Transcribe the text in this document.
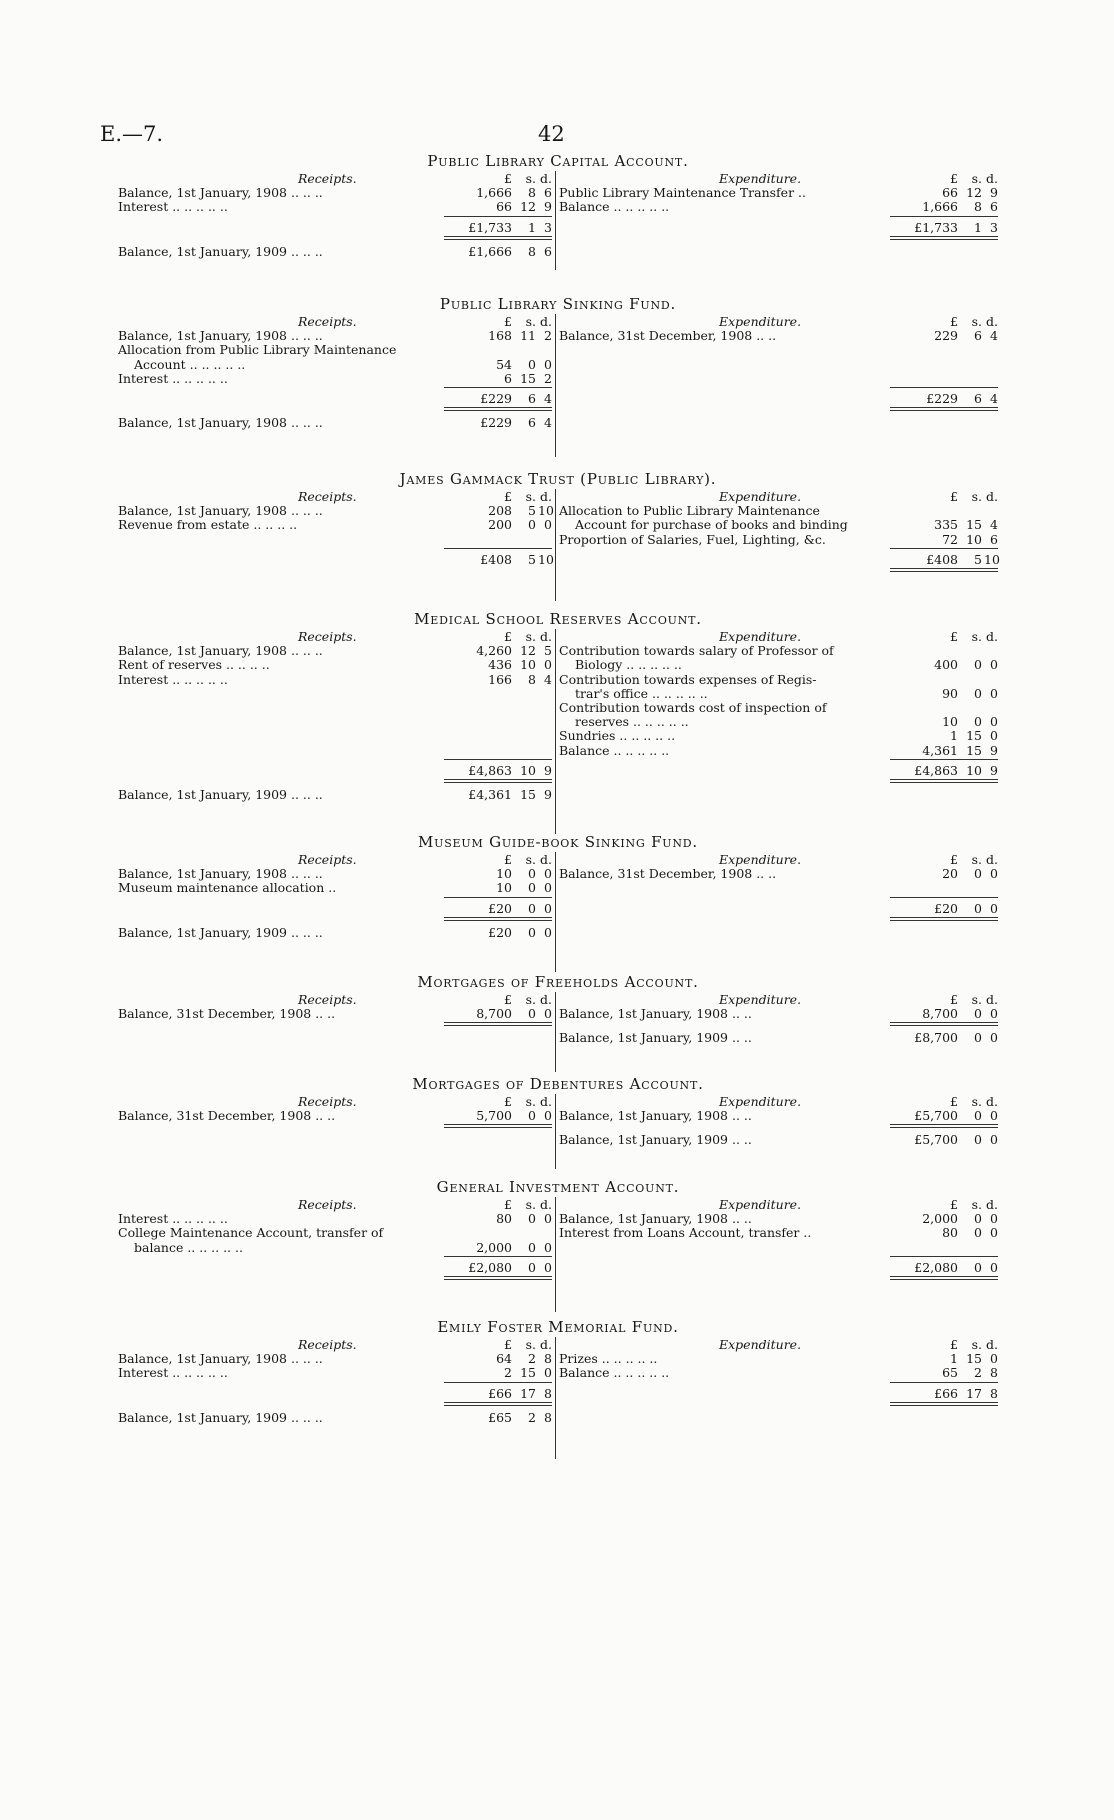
E.—7.	42
Public Library Capital Account.
Receipts.	£	s. d.
Balance, 1st January, 1908 .. .. ..	1,666	8 6
Interest .. .. .. .. ..	66 12 9
£1,733	1 3
Balance, 1st January, 1909 .. .. ..	£1,666	8 6
Expenditure.	£	s. d.
Public Library Maintenance Transfer ..	66 12 9
Balance .. .. .. .. ..	1,666	8 6
£1,733	1 3
Public Library Sinking Fund.
Receipts.	£	s. d.
Balance, 1st January, 1908 .. .. ..	168 11 2
Allocation from Public Library Maintenance
Account .. .. .. .. ..	54	0 0
Interest .. .. .. .. ..	6 15 2
£229	6 4
Balance, 1st January, 1908 .. .. ..	£229	6 4
Expenditure.	£	s. d.
Balance, 31st December, 1908 .. ..	229	6 4
£229	6 4
James Gammack Trust (Public Library).
Receipts.	£	s. d.
Balance, 1st January, 1908 .. .. ..	208	5 10
Revenue from estate .. .. .. ..	200	0 0
£408	5 10
Expenditure.	£	s. d.
Allocation to Public Library Maintenance
Account for purchase of books and binding	335 15 4
Proportion of Salaries, Fuel, Lighting, &c.	72 10 6
£408	5 10
Medical School Reserves Account.
Receipts.	£	s. d.
Balance, 1st January, 1908 .. .. ..	4,260 12 5
Rent of reserves .. .. .. ..	436 10 0
Interest .. .. .. .. ..	166	8 4
£4,863 10 9
Balance, 1st January, 1909 .. .. ..	£4,361 15 9
Expenditure.	£	s. d.
Contribution towards salary of Professor of
Biology .. .. .. .. ..	400	0 0
Contribution towards expenses of Regis-
trar's office .. .. .. .. ..	90	0 0
Contribution towards cost of inspection of
reserves .. .. .. .. ..	10	0 0
Sundries .. .. .. .. ..	1 15 0
Balance .. .. .. .. ..	4,361 15 9
£4,863 10 9
Museum Guide-book Sinking Fund.
Receipts.	£	s. d.
Balance, 1st January, 1908 .. .. ..	10	0 0
Museum maintenance allocation ..	10	0 0
£20	0 0
Balance, 1st January, 1909 .. .. ..	£20	0 0
Expenditure.	£	s. d.
Balance, 31st December, 1908 .. ..	20	0 0
£20	0 0
Mortgages of Freeholds Account.
Receipts.	£	s. d.
Balance, 31st December, 1908 .. ..	8,700	0 0
Expenditure.	£	s. d.
Balance, 1st January, 1908 .. ..	8,700	0 0
Balance, 1st January, 1909 .. ..	£8,700	0 0
Mortgages of Debentures Account.
Receipts.	£	s. d.
Balance, 31st December, 1908 .. ..	5,700	0 0
Expenditure.	£	s. d.
Balance, 1st January, 1908 .. ..	£5,700	0 0
Balance, 1st January, 1909 .. ..	£5,700	0 0
General Investment Account.
Receipts.	£	s. d.
Interest .. .. .. .. ..	80	0 0
College Maintenance Account, transfer of
balance .. .. .. .. ..	2,000	0 0
£2,080	0 0
Expenditure.	£	s. d.
Balance, 1st January, 1908 .. ..	2,000	0 0
Interest from Loans Account, transfer ..	80	0 0
£2,080	0 0
Emily Foster Memorial Fund.
Receipts.	£	s. d.
Balance, 1st January, 1908 .. .. ..	64	2 8
Interest .. .. .. .. ..	2 15 0
£66 17 8
Balance, 1st January, 1909 .. .. ..	£65	2 8
Expenditure.	£	s. d.
Prizes .. .. .. .. ..	1 15 0
Balance .. .. .. .. ..	65	2 8
£66 17 8
